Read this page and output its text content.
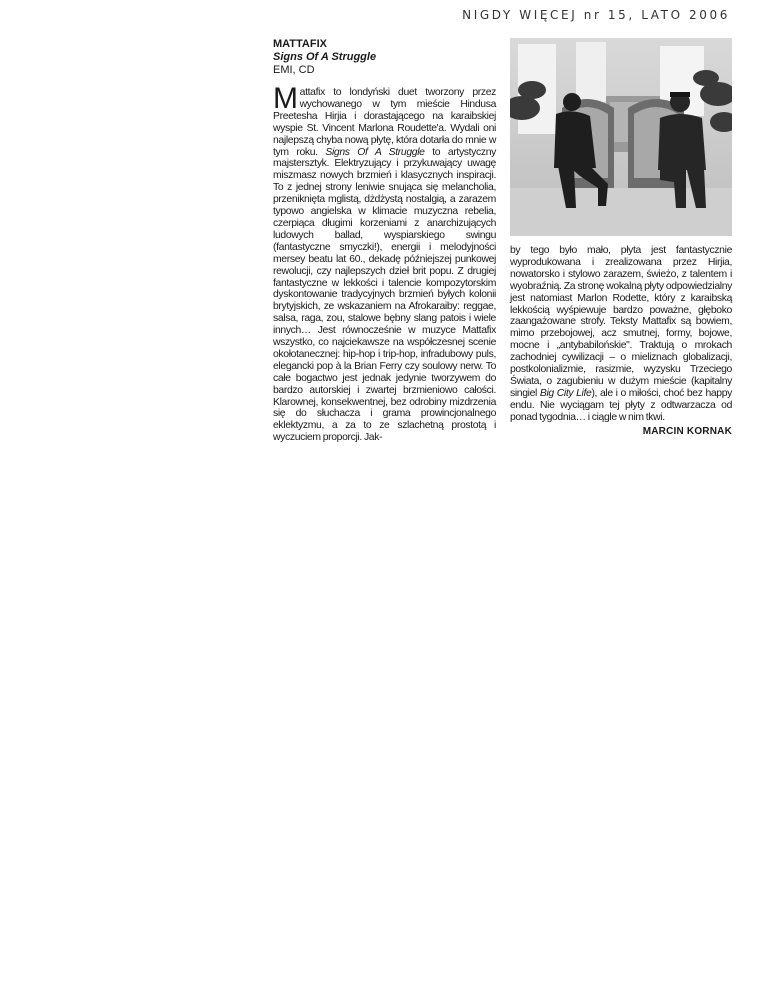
NIGDY WIĘCEJ nr 15, LATO 2006
MATTAFIX
Signs Of A Struggle
EMI, CD

Mattafix to londyński duet tworzony przez wychowanego w tym mieście Hindusa Preetesha Hirjia i dorastającego na karaibskiej wyspie St. Vincent Marlona Roudette'a. Wydali oni najlepszą chyba nową płytę, która dotarła do mnie w tym roku. Signs Of A Struggle to artystyczny majstersztyk. Elektryzujący i przykuwający uwagę miszmasz nowych brzmień i klasycznych inspiracji. To z jednej strony leniwie snująca się melancholia, przeniknięta mglistą, dżdżystą nostalgią, a zarazem typowo angielska w klimacie muzyczna rebelia, czerpiąca długimi korzeniami z anarchizujących ludowych ballad, wyspiarskiego swingu (fantastyczne smyczki!), energii i melodyjności mersey beatu lat 60., dekadę późniejszej punkowej rewolucji, czy najlepszych dzieł brit popu. Z drugiej fantastyczne w lekkości i talencie kompozytorskim dyskontowanie tradycyjnych brzmień byłych kolonii brytyjskich, ze wskazaniem na Afrokaraiby: reggae, salsa, raga, zou, stalowe bębny slang patois i wiele innych… Jest równocześnie w muzyce Mattafix wszystko, co najciekawsze na współczesnej scenie okołotanecznej: hip-hop i trip-hop, infradubowy puls, elegancki pop à la Brian Ferry czy soulowy nerw. To całe bogactwo jest jednak jedynie tworzywem do bardzo autorskiej i zwartej brzmieniowo całości. Klarownej, konsekwentnej, bez odrobiny mizdrzenia się do słuchacza i grama prowincjonalnego eklektyzmu, a za to ze szlachetną prostotą i wyczuciem proporcji. Jak-

by tego było mało, płyta jest fantastycznie wyprodukowana i zrealizowana przez Hirjia, nowatorsko i stylowo zarazem, świeżo, z talentem i wyobraźnią. Za stronę wokalną płyty odpowiedzialny jest natomiast Marlon Rodette, który z karaibską lekkością wyśpiewuje bardzo poważne, głęboko zaangażowane strofy. Teksty Mattafix są bowiem, mimo przebojowej, acz smutnej, formy, bojowe, mocne i „antybabilońskie". Traktują o mrokach zachodniej cywilizacji – o mieliznach globalizacji, postkolonializmie, rasizmie, wyzysku Trzeciego Świata, o zagubieniu w dużym mieście (kapitalny singiel Big City Life), ale i o miłości, choć bez happy endu. Nie wyciągam tej płyty z odtwarzacza od ponad tygodnia… i ciągle w nim tkwi.

MARCIN KORNAK
